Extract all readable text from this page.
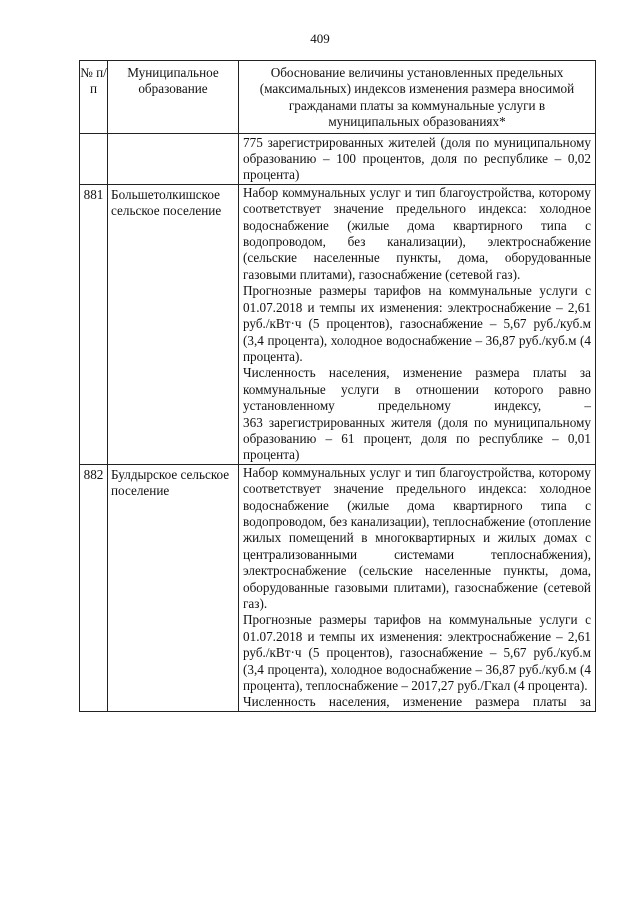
409
№ п/п	Муниципальное образование	Обоснование величины установленных предельных (максимальных) индексов изменения размера вносимой гражданами платы за коммунальные услуги в муниципальных образованиях*

		775 зарегистрированных жителей (доля по муниципальному образованию – 100 процентов, доля по республике – 0,02 процента)

881	Большетолкишское сельское поселение	Набор коммунальных услуг и тип благоустройства, которому соответствует значение предельного индекса: холодное водоснабжение (жилые дома квартирного типа с водопроводом, без канализации), электроснабжение (сельские населенные пункты, дома, оборудованные газовыми плитами), газоснабжение (сетевой газ).

Прогнозные размеры тарифов на коммунальные услуги с 01.07.2018 и темпы их изменения: электроснабжение – 2,61 руб./кВт·ч (5 процентов), газоснабжение – 5,67 руб./куб.м (3,4 процента), холодное водоснабжение – 36,87 руб./куб.м (4 процента).

Численность населения, изменение размера платы за коммунальные услуги в отношении которого равно установленному предельному индексу, –

363 зарегистрированных жителя (доля по муниципальному образованию – 61 процент, доля по республике – 0,01 процента)

882	Булдырское сельское поселение	Набор коммунальных услуг и тип благоустройства, которому соответствует значение предельного индекса: холодное водоснабжение (жилые дома квартирного типа с водопроводом, без канализации), теплоснабжение (отопление жилых помещений в многоквартирных и жилых домах с централизованными системами теплоснабжения), электроснабжение (сельские населенные пункты, дома, оборудованные газовыми плитами), газоснабжение (сетевой газ).

Прогнозные размеры тарифов на коммунальные услуги с 01.07.2018 и темпы их изменения: электроснабжение – 2,61 руб./кВт·ч (5 процентов), газоснабжение – 5,67 руб./куб.м (3,4 процента), холодное водоснабжение – 36,87 руб./куб.м (4 процента), теплоснабжение – 2017,27 руб./Гкал (4 процента).

Численность населения, изменение размера платы за
